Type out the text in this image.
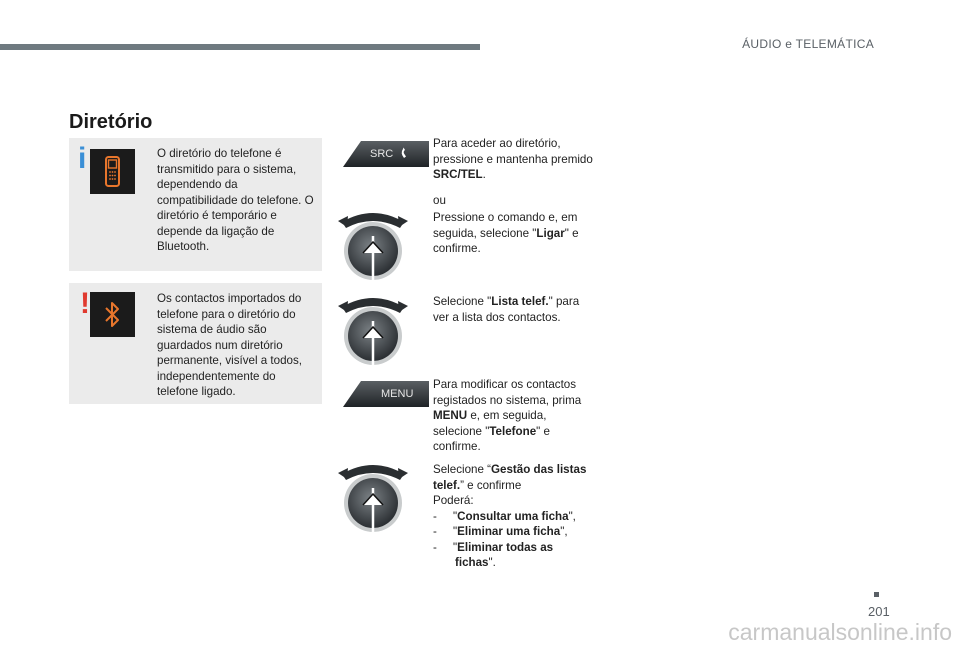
ÁUDIO e TELEMÁTICA
Diretório
i	O diretório do telefone é transmitido para o sistema, dependendo da compatibilidade do telefone. O diretório é temporário e depende da ligação de Bluetooth.
!	Os contactos importados do telefone para o diretório do sistema de áudio são guardados num diretório permanente, visível a todos, independentemente do telefone ligado.
SRC
Para aceder ao diretório, pressione e mantenha premido SRC/TEL.
ou
Pressione o comando e, em seguida, selecione "Ligar" e confirme.
Selecione "Lista telef." para ver a lista dos contactos.
MENU
Para modificar os contactos registados no sistema, prima MENU e, em seguida, selecione "Telefone" e confirme.
Selecione “Gestão das listas telef.” e confirme
Poderá:
- "Consultar uma ficha",
- "Eliminar uma ficha",
- "Eliminar todas as fichas".
201
carmanualsonline.info
